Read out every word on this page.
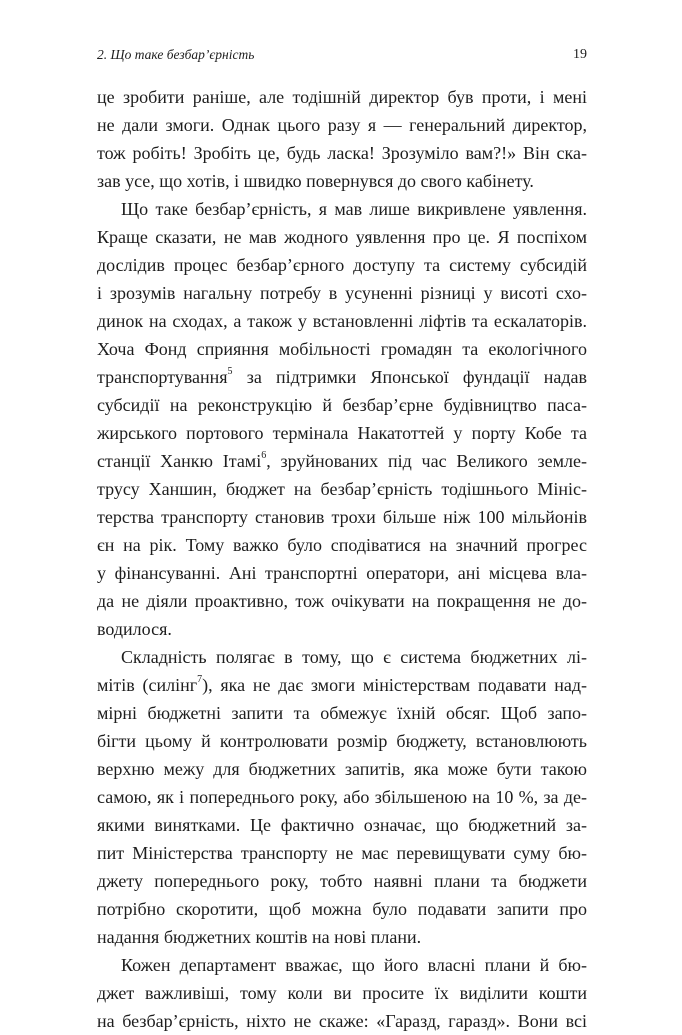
2. Що таке безбар’єрність	19
це зробити раніше, але тодішній директор був проти, і мені
не дали змоги. Однак цього разу я — генеральний директор,
тож робіть! Зробіть це, будь ласка! Зрозуміло вам?!» Він ска-
зав усе, що хотів, і швидко повернувся до свого кабінету.
Що таке безбар’єрність, я мав лише викривлене уявлення.
Краще сказати, не мав жодного уявлення про це. Я поспіхом
дослідив процес безбар’єрного доступу та систему субсидій
і зрозумів нагальну потребу в усуненні різниці у висоті схо-
динок на сходах, а також у встановленні ліфтів та ескалаторів.
Хоча Фонд сприяння мобільності громадян та екологічного
транспортування$^5$ за підтримки Японської фундації надав
субсидії на реконструкцію й безбар’єрне будівництво паса-
жирського портового термінала Накатоттей у порту Кобе та
станції Ханкю Ітамі$^6$, зруйнованих під час Великого земле-
трусу Ханшин, бюджет на безбар’єрність тодішнього Мініс-
терства транспорту становив трохи більше ніж 100 мільйонів
єн на рік. Тому важко було сподіватися на значний прогрес
у фінансуванні. Ані транспортні оператори, ані місцева вла-
да не діяли проактивно, тож очікувати на покращення не до-
водилося.
Складність полягає в тому, що є система бюджетних лі-
мітів (силінг$^7$), яка не дає змоги міністерствам подавати над-
мірні бюджетні запити та обмежує їхній обсяг. Щоб запо-
бігти цьому й контролювати розмір бюджету, встановлюють
верхню межу для бюджетних запитів, яка може бути такою
самою, як і попереднього року, або збільшеною на 10 %, за де-
якими винятками. Це фактично означає, що бюджетний за-
пит Міністерства транспорту не має перевищувати суму бю-
джету попереднього року, тобто наявні плани та бюджети
потрібно скоротити, щоб можна було подавати запити про
надання бюджетних коштів на нові плани.
Кожен департамент вважає, що його власні плани й бю-
джет важливіші, тому коли ви просите їх виділити кошти
на безбар’єрність, ніхто не скаже: «Гаразд, гаразд». Вони всі
